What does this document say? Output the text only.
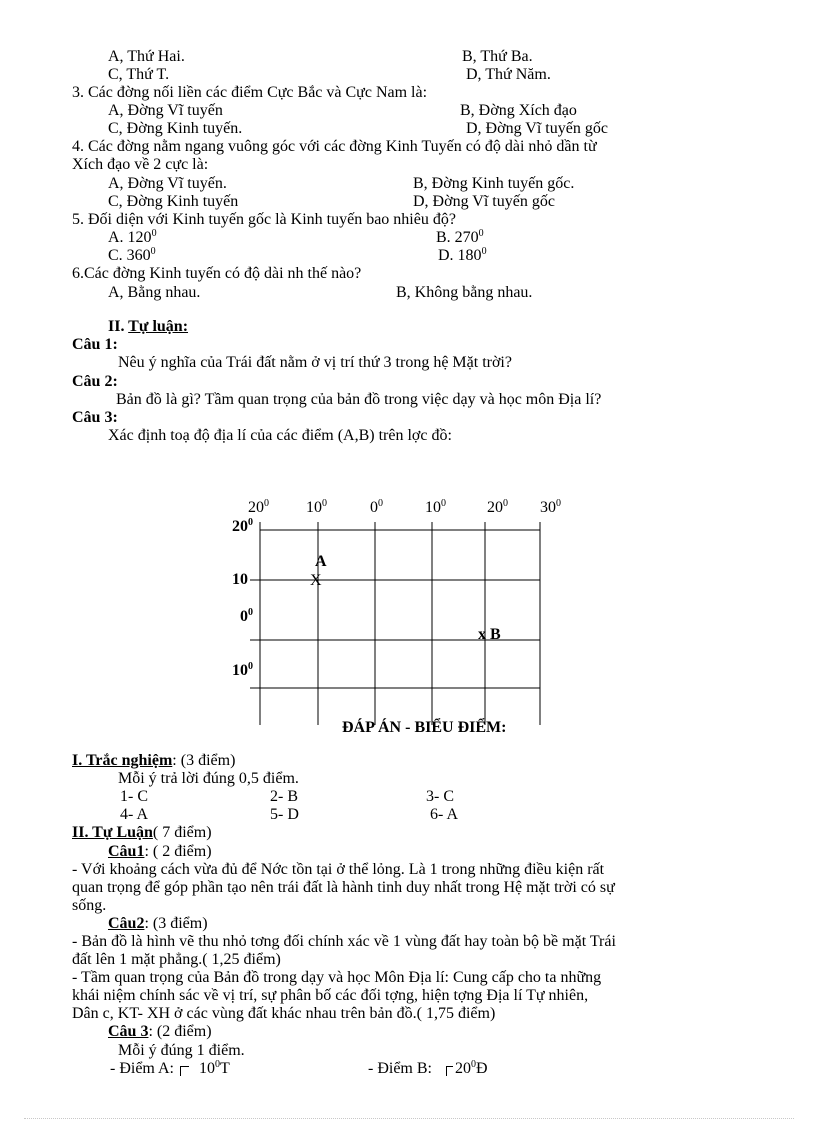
A, Thứ Hai.	B, Thứ Ba.
C, Thứ T.	D, Thứ Năm.
3. Các đờng nối liền các điểm Cực Bắc và Cực Nam là:
A, Đờng Vĩ tuyến	B, Đờng Xích đạo
C, Đờng Kinh tuyến.	D, Đờng Vĩ tuyến gốc
4. Các đờng nằm ngang vuông góc với các đờng Kinh Tuyến có độ dài nhỏ dần từ
Xích đạo về 2 cực là:
A, Đờng Vĩ tuyến.	B, Đờng Kinh tuyến gốc.
C, Đờng Kinh tuyến	D, Đờng Vĩ tuyến gốc
5. Đối diện với Kinh tuyến gốc là Kinh tuyến bao nhiêu độ?
A. $120^0$	B. $270^0$
C. $360^0$	D. $180^0$
6.Các đờng Kinh tuyến có độ dài nh thế nào?
A, Bằng nhau.	B, Không bằng nhau.
II. Tự luận:
Câu 1:
Nêu ý nghĩa của Trái đất nằm ở vị trí thứ 3 trong hệ Mặt trời?
Câu 2:
Bản đồ là gì? Tầm quan trọng của bản đồ trong việc dạy và học môn Địa lí?
Câu 3:
Xác định toạ độ địa lí của các điểm (A,B) trên lợc đồ:
$20^0$ $10^0$	$0^0$	$10^0$	$20^0$ $30^0$
$20^0$
10
$0^0$
$10^0$
A
X
x B
ĐÁP ÁN - BIỂU ĐIỂM:
I. Trắc nghiệm: (3 điểm)
Mỗi ý trả lời đúng 0,5 điểm.
1- C	2- B	3- C
4- A	5- D	6- A
II. Tự Luận( 7 điểm)
Câu1: ( 2 điểm)
- Với khoảng cách vừa đủ để Nớc tồn tại ở thể lỏng. Là 1 trong những điều kiện rất
quan trọng để góp phần tạo nên trái đất là hành tinh duy nhất trong Hệ mặt trời có sự
sống.
Câu2: (3 điểm)
- Bản đồ là hình vẽ thu nhỏ tơng đối chính xác về 1 vùng đất hay toàn bộ bề mặt Trái
đất lên 1 mặt phẳng.( 1,25 điểm)
- Tầm quan trọng của Bản đồ trong dạy và học Môn Địa lí: Cung cấp cho ta những
khái niệm chính sác về vị trí, sự phân bố các đối tợng, hiện tợng Địa lí Tự nhiên,
Dân c, KT- XH ở các vùng đất khác nhau trên bản đồ.( 1,75 điểm)
Câu 3: (2 điểm)
Mỗi ý đúng 1 điểm.
- Điểm A: $10^0T$	- Điểm B: $20^0Đ$
